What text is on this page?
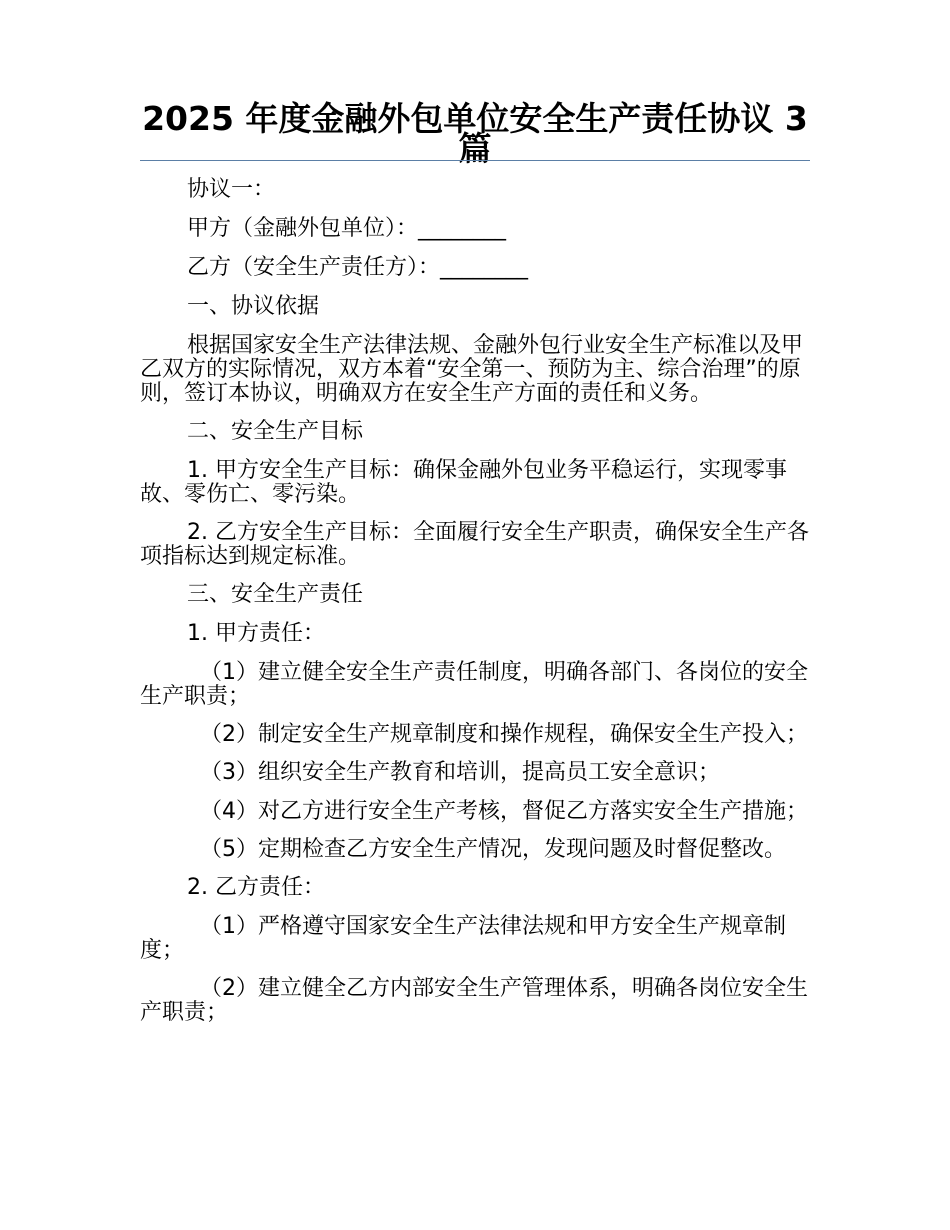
2025 年度金融外包单位安全生产责任协议 3 篇

协议一：

甲方（金融外包单位）：________

乙方（安全生产责任方）：________

一、协议依据

根据国家安全生产法律法规、金融外包行业安全生产标准以及甲乙双方的实际情况，双方本着“安全第一、预防为主、综合治理”的原则，签订本协议，明确双方在安全生产方面的责任和义务。

二、安全生产目标

1. 甲方安全生产目标：确保金融外包业务平稳运行，实现零事故、零伤亡、零污染。

2. 乙方安全生产目标：全面履行安全生产职责，确保安全生产各项指标达到规定标准。

三、安全生产责任

1. 甲方责任：

（1）建立健全安全生产责任制度，明确各部门、各岗位的安全生产职责；

（2）制定安全生产规章制度和操作规程，确保安全生产投入；

（3）组织安全生产教育和培训，提高员工安全意识；

（4）对乙方进行安全生产考核，督促乙方落实安全生产措施；

（5）定期检查乙方安全生产情况，发现问题及时督促整改。

2. 乙方责任：

（1）严格遵守国家安全生产法律法规和甲方安全生产规章制度；

（2）建立健全乙方内部安全生产管理体系，明确各岗位安全生产职责；
